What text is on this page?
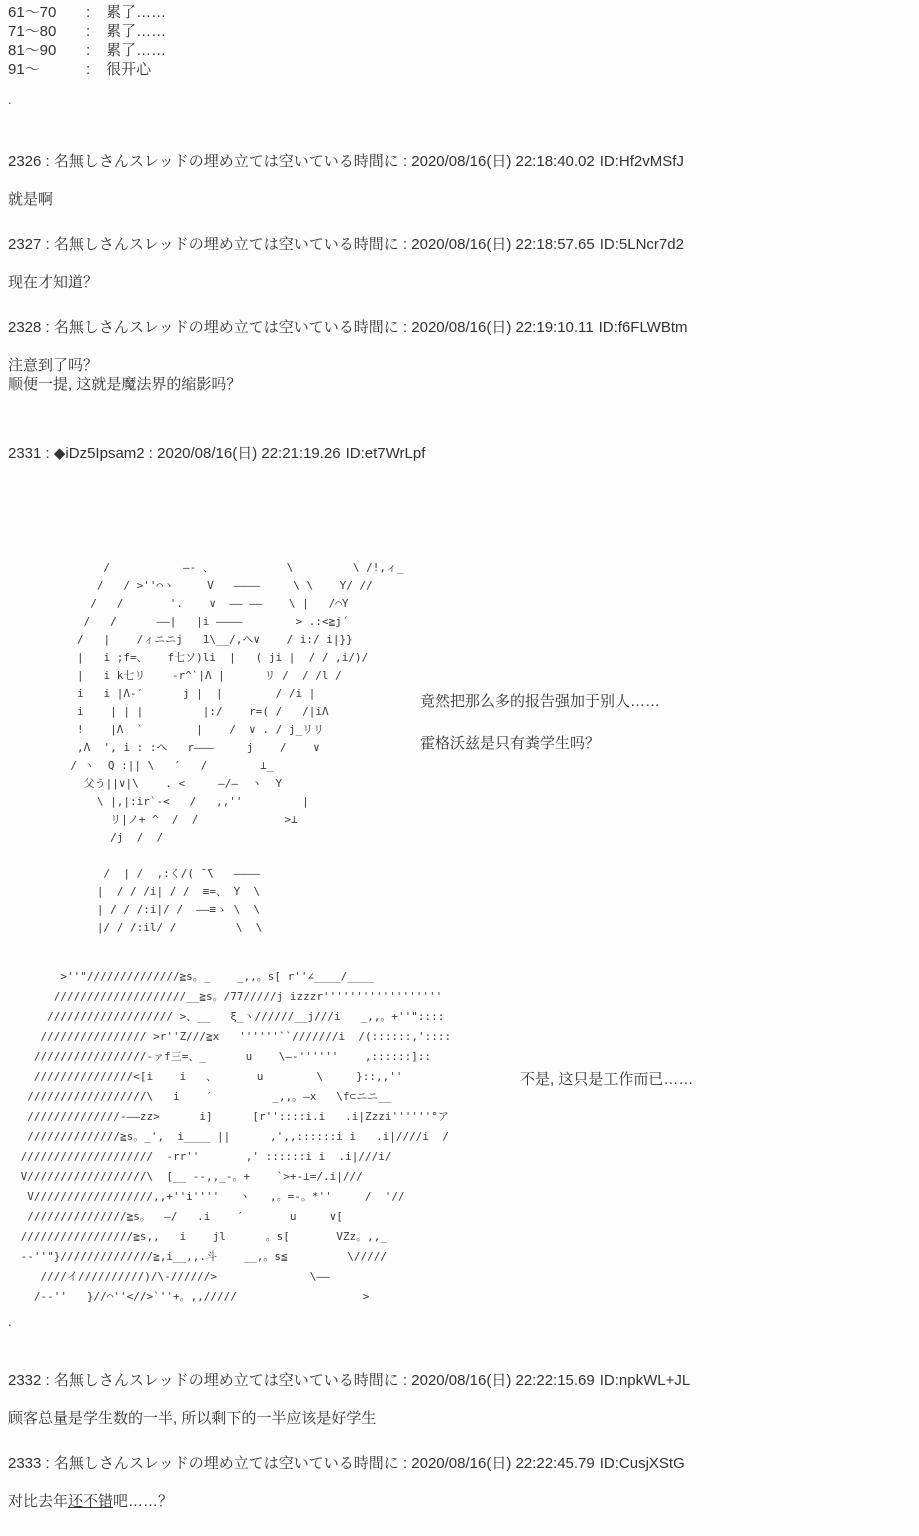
61〜70 : 累了……
71〜80 : 累了……
81〜90 : 累了……
91〜	: 很开心
.
2326 : 名無しさんスレッドの埋め立ては空いている時間に : 2020/08/16(日) 22:18:40.02 ID:Hf2vMSfJ
就是啊
2327 : 名無しさんスレッドの埋め立ては空いている時間に : 2020/08/16(日) 22:18:57.65 ID:5LNcr7d2
现在才知道？
2328 : 名無しさんスレッドの埋め立ては空いている時間に : 2020/08/16(日) 22:19:10.11 ID:f6FLWBtm
注意到了吗？
顺便一提, 这就是魔法界的缩影吗？
2331 : ◆iDz5Ipsam2 : 2020/08/16(日) 22:21:19.26 ID:et7WrLpf
/           ―- 、           \         \ /!,ィ_
/   / >''⌒ヽ     V   ――――     \ \    Y/ //
/   /       '.    ∨  ―― ――    \ |   /⌒Y
/   /      ――|   |i ――――        > .:<≧j´
/   |    /ィニニj   1\__/,ヘ∨    / i:/ i|}}
|   i ;f=、   f七ソ)li  |   ( ji |  / / ,i/)/
|   i k七リ    -r^`|Λ |      リ /  / /l /
i   i |Λ-′      j |  |        / /i |
i    | | |         |:/    r=( /   /|iΛ
!    |Λ  `        |    /  ∨ . / j_リリ
,Λ  ', i : :ヘ   r―――     j    /    ∨
/ ヽ  Q :|| \   ′   /        ⊥_
父う||∨|\    . <     ―/―  ヽ  Y
\ |,|:ir`-<   /   ,,''         |
リ|ノ+ ^  /  /             >⊥
/j  /  /

/  | /  ,:く/( ̄ ̄\   ――――
|  / / /i| / /  ≡=、 Y  \
| / / /:i|/ /  ――≡ゝ \  \
|/ / /:il/ /         \  \
竟然把那么多的报告强加于别人……
霍格沃兹是只有粪学生吗？
>''"//////////////≧s。_    _,,。s[ r''∠____/____
////////////////////__≧s。/77/////j izzzr''''''''''''''''''
/////////////////// >、__   ξ_ヽ//////__j///i   _,,。+''"::::
//////////////// >r''Z///≧x   ''''''``///////i  /(::::::,'::::
/////////////////-ァf三=、_      u    \―-''''''    ,::::::]::
///////////////<[i    i   、      u        \     }::,,''
//////////////////\   i    ′         _,,。―x   \f⊂ニニ__
//////////////-――zz>      i]      [r''::::i.i   .i|Zzzi''''''°ア
//////////////≧s。_',  i____ ||      ,',,::::::i i   .i|////i  /
////////////////////  -rr''       ,' ::::::i i  .i|///i/
V//////////////////\  [__ --,,_-。+    `>+-⊥=/.i|///
V//////////////////,,+''i''''   ヽ   ,。=-。*''     /  '//
///////////////≧s。  ―/   .i    ′       u     ∨[
/////////////////≧s,,   i    jl      。s[       VZz。,,_
--''"}//////////////≧,i__,,.斗    __,。s≦         \/////
////イ//////////)/\-//////>              \――
/--''   }//⌒''<//>`''+。,,/////                   >
不是, 这只是工作而已……
.
2332 : 名無しさんスレッドの埋め立ては空いている時間に : 2020/08/16(日) 22:22:15.69 ID:npkWL+JL
顾客总量是学生数的一半, 所以剩下的一半应该是好学生
2333 : 名無しさんスレッドの埋め立ては空いている時間に : 2020/08/16(日) 22:22:45.79 ID:CusjXStG
对比去年还不错吧……？
